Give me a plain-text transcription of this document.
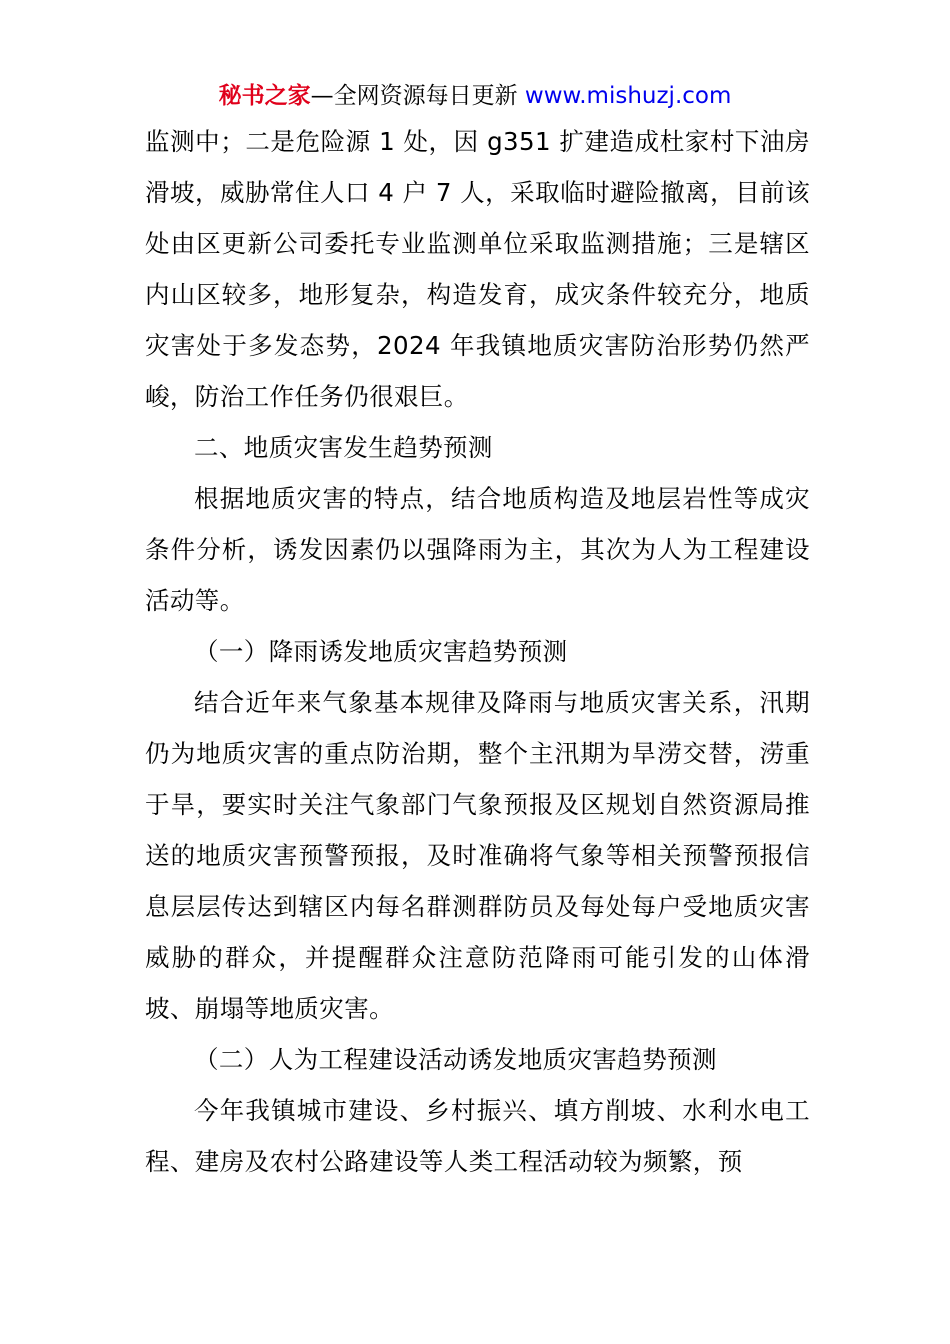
秘书之家—全网资源每日更新 www.mishuzj.com

监测中；二是危险源 1 处，因 g351 扩建造成杜家村下油房滑坡，威胁常住人口 4 户 7 人，采取临时避险撤离，目前该处由区更新公司委托专业监测单位采取监测措施；三是辖区内山区较多，地形复杂，构造发育，成灾条件较充分，地质灾害处于多发态势，2024 年我镇地质灾害防治形势仍然严峻，防治工作任务仍很艰巨。

二、地质灾害发生趋势预测

根据地质灾害的特点，结合地质构造及地层岩性等成灾条件分析，诱发因素仍以强降雨为主，其次为人为工程建设活动等。

（一）降雨诱发地质灾害趋势预测

结合近年来气象基本规律及降雨与地质灾害关系，汛期仍为地质灾害的重点防治期，整个主汛期为旱涝交替，涝重于旱，要实时关注气象部门气象预报及区规划自然资源局推送的地质灾害预警预报，及时准确将气象等相关预警预报信息层层传达到辖区内每名群测群防员及每处每户受地质灾害威胁的群众，并提醒群众注意防范降雨可能引发的山体滑坡、崩塌等地质灾害。

（二）人为工程建设活动诱发地质灾害趋势预测

今年我镇城市建设、乡村振兴、填方削坡、水利水电工程、建房及农村公路建设等人类工程活动较为频繁，预
